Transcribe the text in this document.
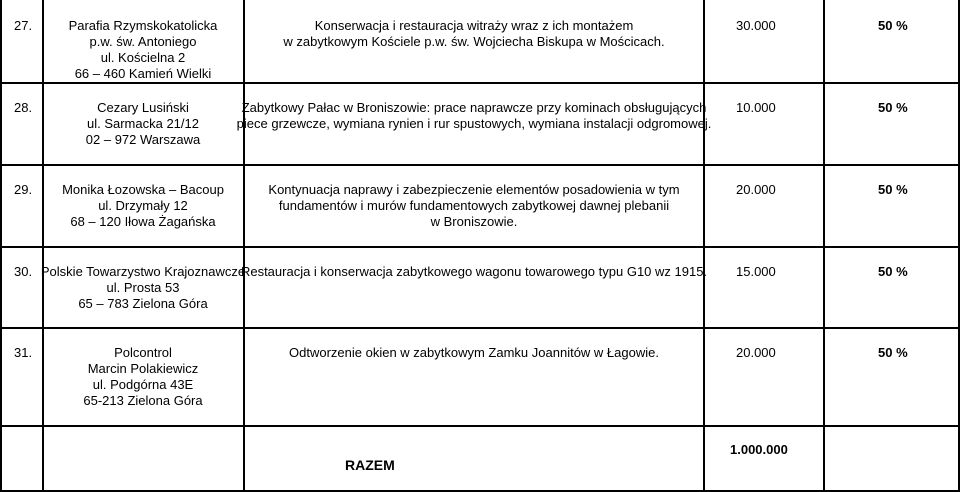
27.	Parafia Rzymskokatolicka
p.w. św. Antoniego
ul. Kościelna 2
66 – 460 Kamień Wielki
Konserwacja i restauracja witraży wraz z ich montażem
w zabytkowym Kościele p.w. św. Wojciecha Biskupa w Mościcach.
30.000	50 %
28.	Cezary Lusiński
ul. Sarmacka 21/12
02 – 972 Warszawa
Zabytkowy Pałac w Broniszowie: prace naprawcze przy kominach obsługujących
piece grzewcze, wymiana rynien i rur spustowych, wymiana instalacji odgromowej.
10.000	50 %
29. Monika Łozowska – Bacoup
ul. Drzymały 12
68 – 120 Iłowa Żagańska
Kontynuacja naprawy i zabezpieczenie elementów posadowienia w tym
fundamentów i murów fundamentowych zabytkowej dawnej plebanii
w Broniszowie.
20.000	50 %
30. Polskie Towarzystwo Krajoznawcze
ul. Prosta 53
65 – 783 Zielona Góra
Restauracja i konserwacja zabytkowego wagonu towarowego typu G10 wz 1915. 15.000	50 %
31.	Polcontrol
Marcin Polakiewicz
ul. Podgórna 43E
65-213 Zielona Góra
Odtworzenie okien w zabytkowym Zamku Joannitów w Łagowie.	20.000	50 %
RAZEM
1.000.000
